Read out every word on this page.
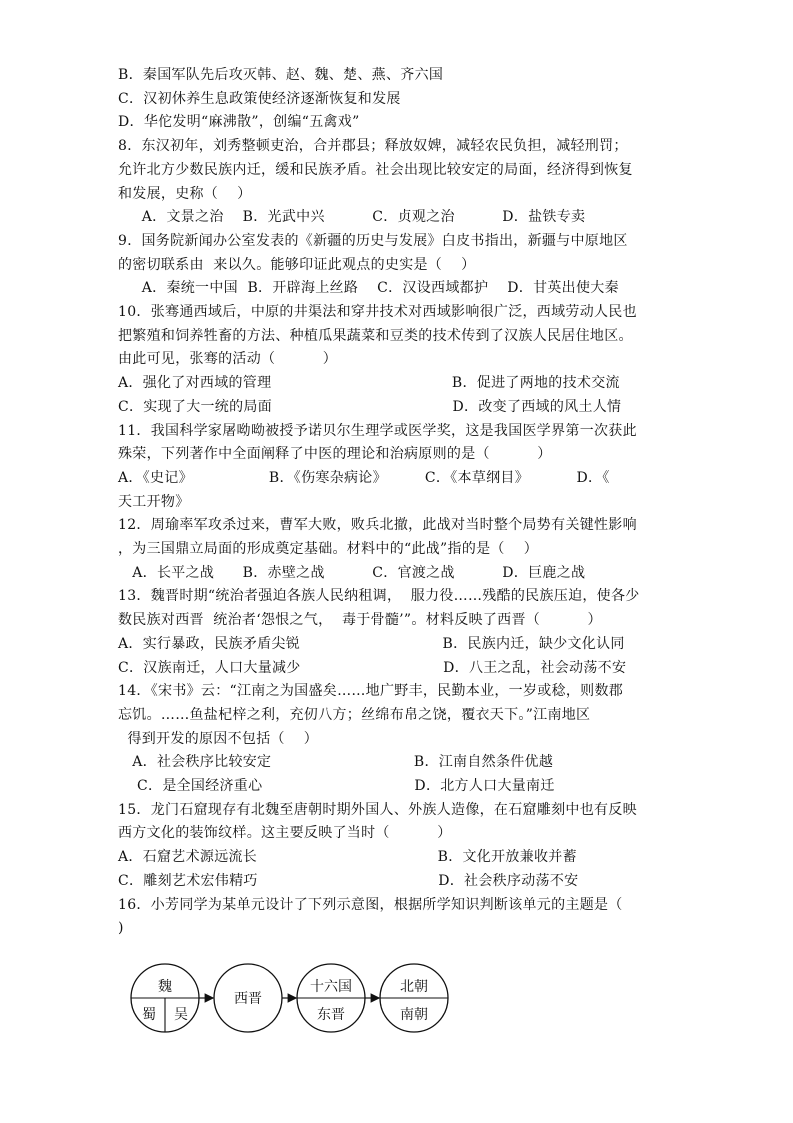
B．秦国军队先后攻灭韩、赵、魏、楚、燕、齐六国
C．汉初休养生息政策使经济逐渐恢复和发展
D．华佗发明“麻沸散”，创编“五禽戏”
8．东汉初年，刘秀整顿吏治，合并郡县；释放奴婢，减轻农民负担，减轻刑罚；
允许北方少数民族内迁，缓和民族矛盾。社会出现比较安定的局面，经济得到恢复
和发展，史称（    ）
A．文景之治    B．光武中兴          C．贞观之治          D．盐铁专卖
9．国务院新闻办公室发表的《新疆的历史与发展》白皮书指出，新疆与中原地区
的密切联系由  来以久。能够印证此观点的史实是（    ）
A．秦统一中国  B．开辟海上丝路    C．汉设西域都护    D．甘英出使大秦
10．张骞通西域后，中原的井渠法和穿井技术对西域影响很广泛，西域劳动人民也
把繁殖和饲养牲畜的方法、种植瓜果蔬菜和豆类的技术传到了汉族人民居住地区。
由此可见，张骞的活动（          ）
A．强化了对西域的管理                                      B．促进了两地的技术交流
C．实现了大一统的局面                                      D．改变了西域的风土人情
11．我国科学家屠呦呦被授予诺贝尔生理学或医学奖，这是我国医学界第一次获此
殊荣，下列著作中全面阐释了中医的理论和治病原则的是（          ）
A．《史记》                B．《伤寒杂病论》        C．《本草纲目》          D．《
天工开物》
12．周瑜率军攻杀过来，曹军大败，败兵北撤，此战对当时整个局势有关键性影响
，为三国鼎立局面的形成奠定基础。材料中的“此战”指的是（    ）
A．长平之战      B．赤壁之战          C．官渡之战          D．巨鹿之战
13．魏晋时期“统治者强迫各族人民纳租调，  服力役……残酷的民族压迫，使各少
数民族对西晋  统治者‘怨恨之气，  毒于骨髓’”。材料反映了西晋（          ）
A．实行暴政，民族矛盾尖锐                              B．民族内迁，缺少文化认同
C．汉族南迁，人口大量减少                              D．八王之乱，社会动荡不安
14．《宋书》云：“江南之为国盛矣……地广野丰，民勤本业，一岁或稔，则数郡
忘饥。……鱼盐杞梓之利，充仞八方；丝绵布帛之饶，覆衣天下。”江南地区
得到开发的原因不包括（    ）
A．社会秩序比较安定                              B．江南自然条件优越
C．是全国经济重心                                D．北方人口大量南迁
15．龙门石窟现存有北魏至唐朝时期外国人、外族人造像，在石窟雕刻中也有反映
西方文化的装饰纹样。这主要反映了当时（          ）
A．石窟艺术源远流长                                      B．文化开放兼收并蓄
C．雕刻艺术宏伟精巧                                      D．社会秩序动荡不安
16．小芳同学为某单元设计了下列示意图，根据所学知识判断该单元的主题是（
)
魏
蜀 吴
西晋
十六国
东晋
北朝
南朝
